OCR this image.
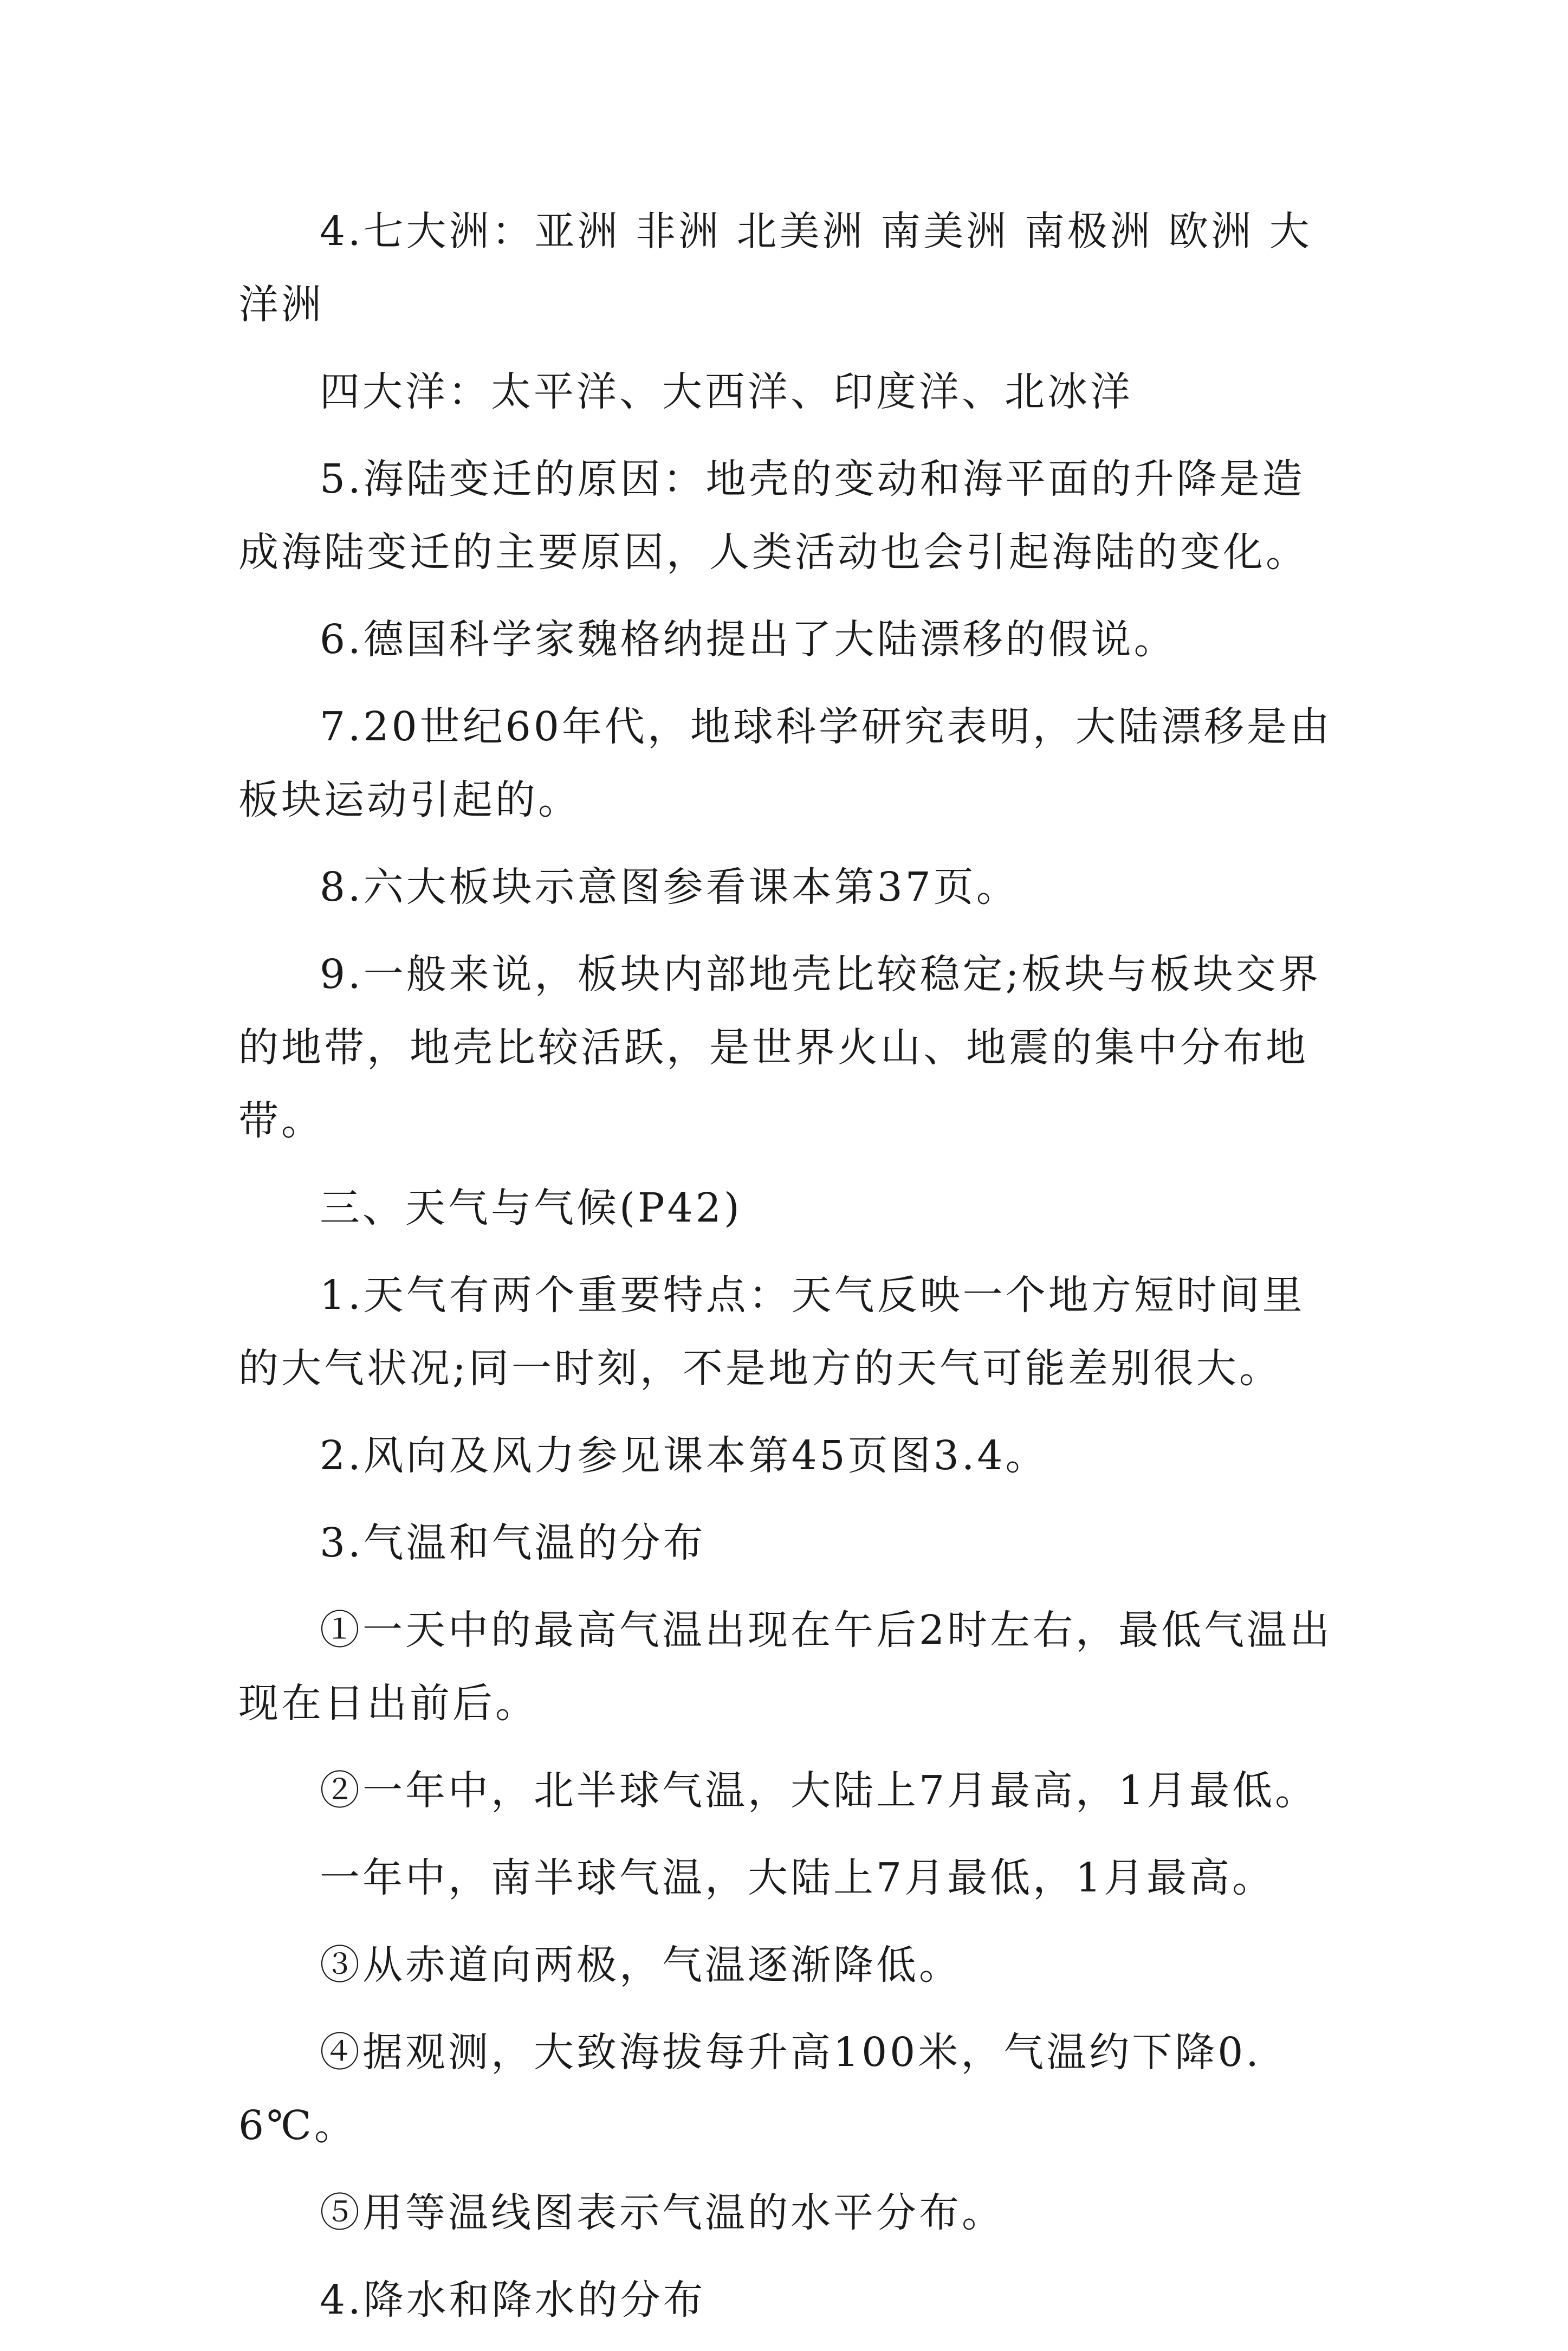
4.七大洲：亚洲 非洲 北美洲 南美洲 南极洲 欧洲 大洋洲

四大洋：太平洋、大西洋、印度洋、北冰洋

5.海陆变迁的原因：地壳的变动和海平面的升降是造成海陆变迁的主要原因，人类活动也会引起海陆的变化。

6.德国科学家魏格纳提出了大陆漂移的假说。

7.20世纪60年代，地球科学研究表明，大陆漂移是由板块运动引起的。

8.六大板块示意图参看课本第37页。

9.一般来说，板块内部地壳比较稳定;板块与板块交界的地带，地壳比较活跃，是世界火山、地震的集中分布地带。

三、天气与气候(P42)

1.天气有两个重要特点：天气反映一个地方短时间里的大气状况;同一时刻，不是地方的天气可能差别很大。

2.风向及风力参见课本第45页图3.4。

3.气温和气温的分布

①一天中的最高气温出现在午后2时左右，最低气温出现在日出前后。

②一年中，北半球气温，大陆上7月最高，1月最低。

一年中，南半球气温，大陆上7月最低，1月最高。

③从赤道向两极，气温逐渐降低。

④据观测，大致海拔每升高100米，气温约下降0.6℃。

⑤用等温线图表示气温的水平分布。

4.降水和降水的分布
